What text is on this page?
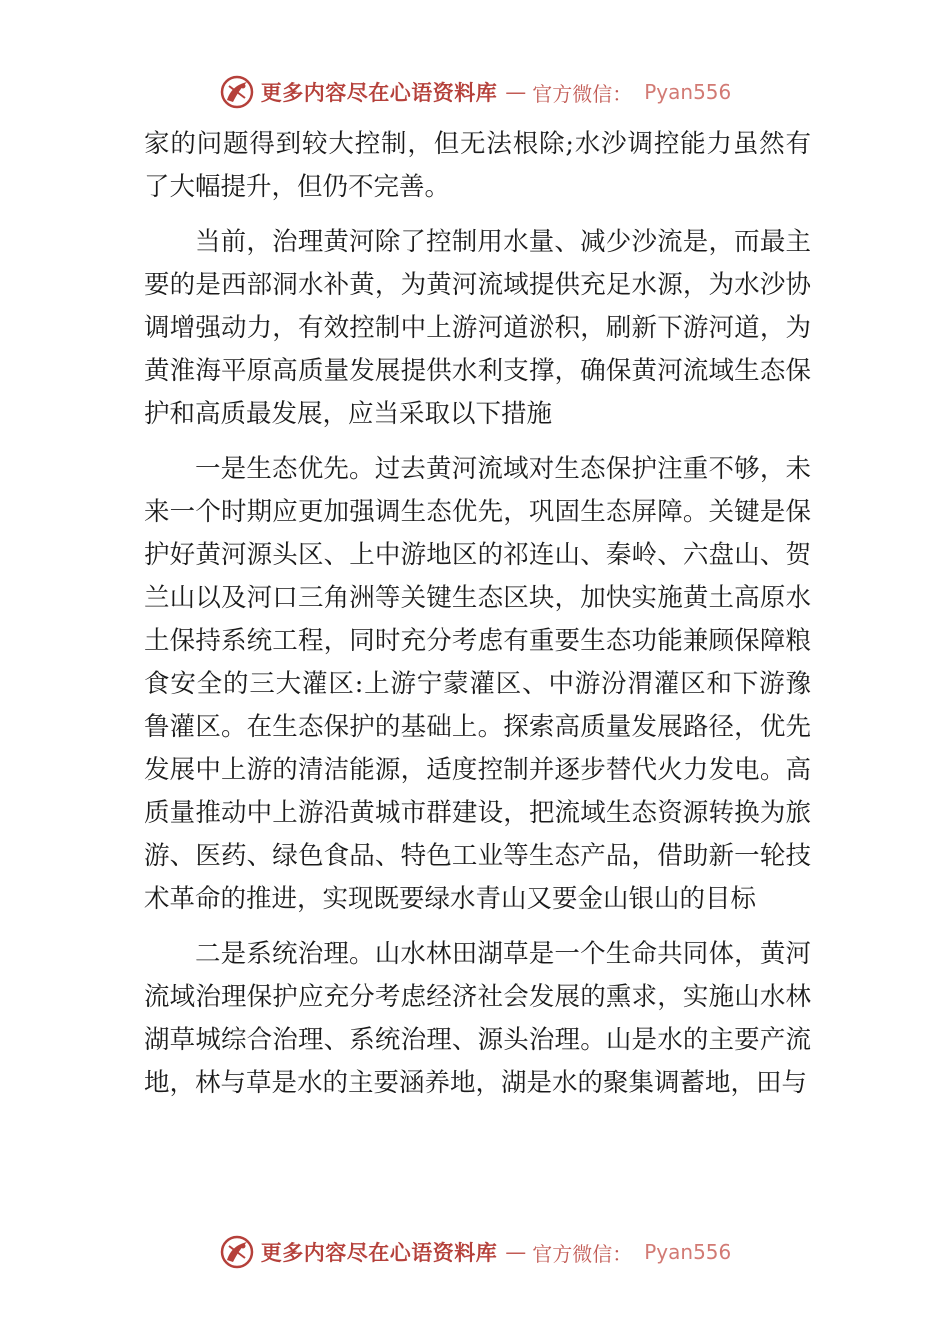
更多内容尽在心语资料库 — 官方微信： Pyan556

家的问题得到较大控制，但无法根除;水沙调控能力虽然有了大幅提升，但仍不完善。

当前，治理黄河除了控制用水量、减少沙流是，而最主要的是西部洞水补黄，为黄河流域提供充足水源，为水沙协调增强动力，有效控制中上游河道淤积，刷新下游河道，为黄淮海平原高质量发展提供水利支撑，确保黄河流域生态保护和高质最发展，应当采取以下措施

一是生态优先。过去黄河流域对生态保护注重不够，未来一个时期应更加强调生态优先，巩固生态屏障。关键是保护好黄河源头区、上中游地区的祁连山、秦岭、六盘山、贺兰山以及河口三角洲等关键生态区块，加快实施黄土高原水土保持系统工程，同时充分考虑有重要生态功能兼顾保障粮食安全的三大灌区:上游宁蒙灌区、中游汾渭灌区和下游豫鲁灌区。在生态保护的基础上。探索高质量发展路径，优先发展中上游的清洁能源，适度控制并逐步替代火力发电。高质量推动中上游沿黄城市群建设，把流域生态资源转换为旅游、医药、绿色食品、特色工业等生态产品，借助新一轮技术革命的推进，实现既要绿水青山又要金山银山的目标

二是系统治理。山水林田湖草是一个生命共同体，黄河流域治理保护应充分考虑经济社会发展的熏求，实施山水林湖草城综合治理、系统治理、源头治理。山是水的主要产流地，林与草是水的主要涵养地，湖是水的聚集调蓄地，田与

更多内容尽在心语资料库 — 官方微信： Pyan556
